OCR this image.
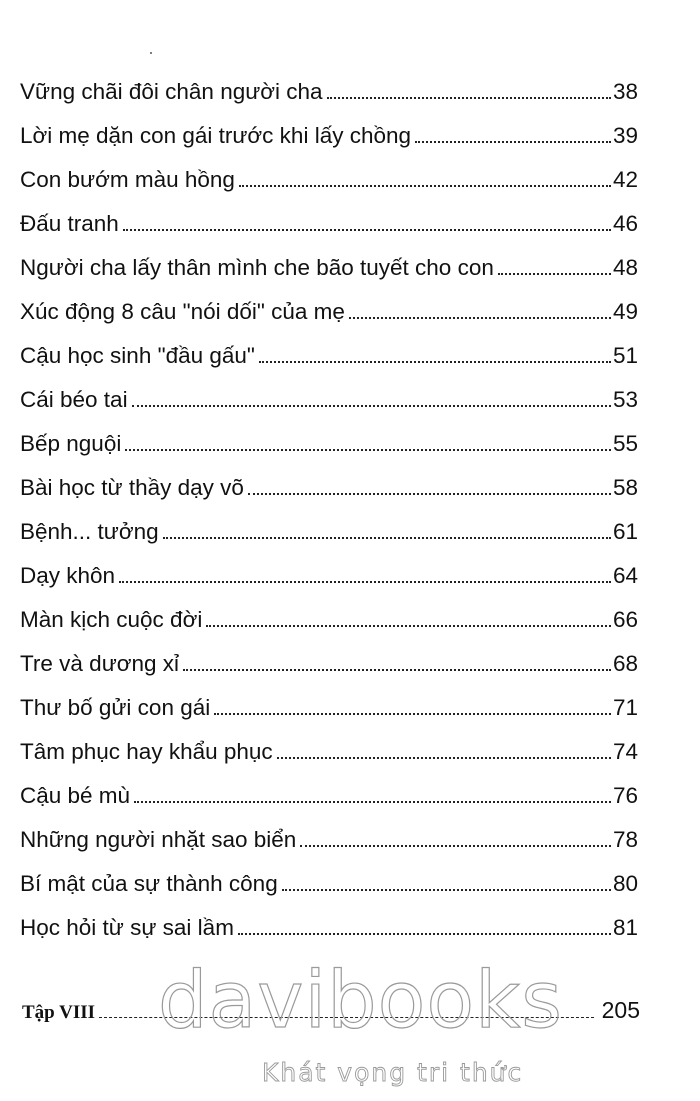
Vững chãi đôi chân người cha	38
Lời mẹ dặn con gái trước khi lấy chồng	39
Con bướm màu hồng	42
Đấu tranh	46
Người cha lấy thân mình che bão tuyết cho con	48
Xúc động 8 câu "nói dối" của mẹ	49
Cậu học sinh "đầu gấu"	51
Cái béo tai	53
Bếp nguội	55
Bài học từ thầy dạy võ	58
Bệnh... tưởng	61
Dạy khôn	64
Màn kịch cuộc đời	66
Tre và dương xỉ	68
Thư bố gửi con gái	71
Tâm phục hay khẩu phục	74
Cậu bé mù	76
Những người nhặt sao biển	78
Bí mật của sự thành công	80
Học hỏi từ sự sai lầm	81
Tập VIII	205
davibooks
Khát vọng tri thức
